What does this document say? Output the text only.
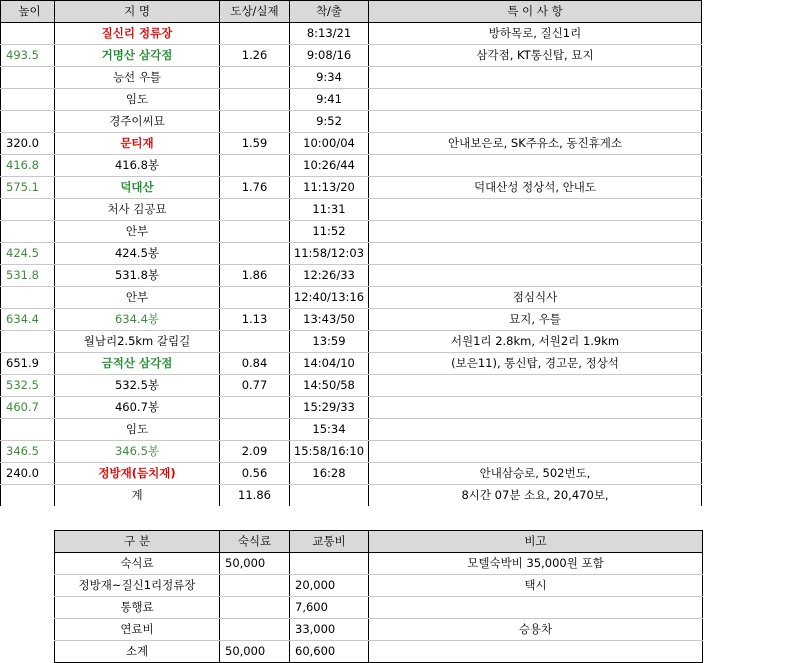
높이	지 명	도상/실제	착/출	특 이 사 항
	질신리 정류장		8:13/21	방하목로, 질신1리
493.5	거명산 삼각점	1.26	9:08/16	삼각점, KT통신탑, 묘지
	능선 우틀		9:34	
	임도		9:41	
	경주이씨묘		9:52	
320.0	문티재	1.59	10:00/04	안내보은로, SK주유소, 동진휴게소
416.8	416.8봉		10:26/44	
575.1	덕대산	1.76	11:13/20	덕대산성 정상석, 안내도
	처사 김공묘		11:31	
	안부		11:52	
424.5	424.5봉		11:58/12:03	
531.8	531.8봉	1.86	12:26/33	
	안부		12:40/13:16	점심식사
634.4	634.4봉	1.13	13:43/50	묘지, 우틀
	월남리2.5km 갈림길		13:59	서원1리 2.8km, 서원2리 1.9km
651.9	금적산 삼각점	0.84	14:04/10	(보은11), 통신탑, 경고문, 정상석
532.5	532.5봉	0.77	14:50/58	
460.7	460.7봉		15:29/33	
	임도		15:34	
346.5	346.5봉	2.09	15:58/16:10	
240.0	정방재(듬치재)	0.56	16:28	안내삼승로, 502번도,
	계	11.86		8시간 07분 소요, 20,470보,
구 분	숙식료	교통비	비고
숙식료	50,000		모텔숙박비 35,000원 포함
정방재~질신1리정류장		20,000	택시
통행료		7,600	
연료비		33,000	승용차
소계	50,000	60,600	
